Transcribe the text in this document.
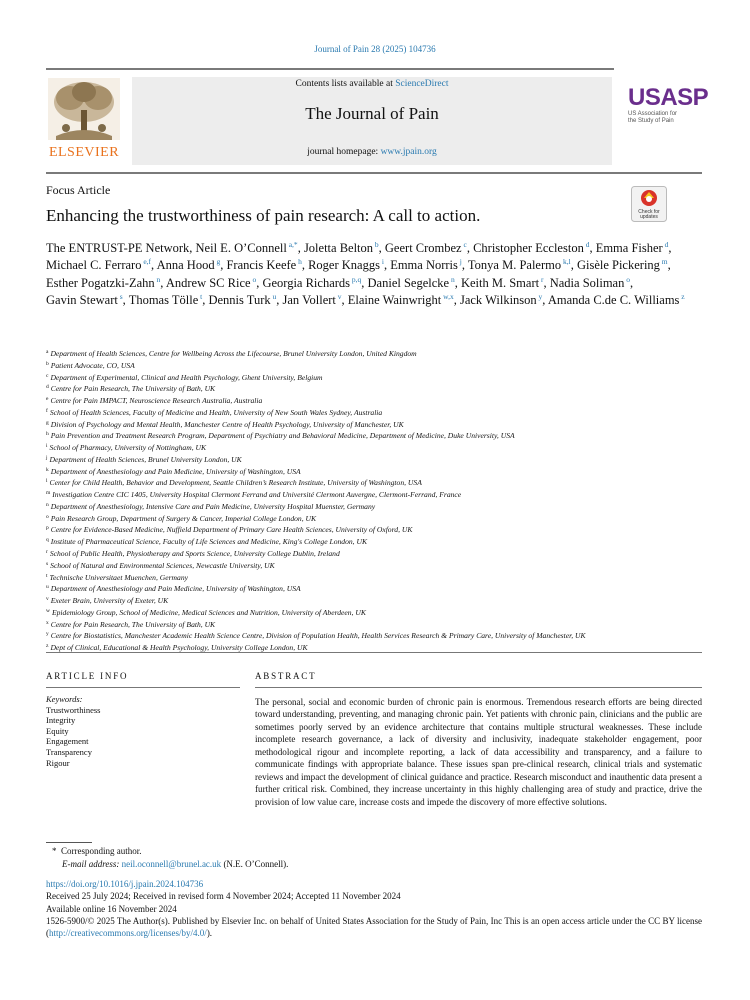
Journal of Pain 28 (2025) 104736
ELSEVIER
Contents lists available at ScienceDirect
The Journal of Pain
journal homepage: www.jpain.org
USASP
US Association for
the Study of Pain
Focus Article
Check for
updates
Enhancing the trustworthiness of pain research: A call to action.
The ENTRUST-PE Network, Neil E. O’Connell $^{a,*}$, Joletta Belton $^b$, Geert Crombez $^c$, Christopher Eccleston $^d$, Emma Fisher $^d$, Michael C. Ferraro $^{e,f}$, Anna Hood $^g$, Francis Keefe $^h$, Roger Knaggs $^i$, Emma Norris $^j$, Tonya M. Palermo $^{k,l}$, Gisèle Pickering $^m$, Esther Pogatzki-Zahn $^n$, Andrew SC Rice $^o$, Georgia Richards $^{p,q}$, Daniel Segelcke $^n$, Keith M. Smart $^r$, Nadia Soliman $^o$, Gavin Stewart $^s$, Thomas Tölle $^t$, Dennis Turk $^u$, Jan Vollert $^v$, Elaine Wainwright $^{w,x}$, Jack Wilkinson $^y$, Amanda C.de C. Williams $^z$
$^a$ Department of Health Sciences, Centre for Wellbeing Across the Lifecourse, Brunel University London, United Kingdom
$^b$ Patient Advocate, CO, USA
$^c$ Department of Experimental, Clinical and Health Psychology, Ghent University, Belgium
$^d$ Centre for Pain Research, The University of Bath, UK
$^e$ Centre for Pain IMPACT, Neuroscience Research Australia, Australia
$^f$ School of Health Sciences, Faculty of Medicine and Health, University of New South Wales Sydney, Australia
$^g$ Division of Psychology and Mental Health, Manchester Centre of Health Psychology, University of Manchester, UK
$^h$ Pain Prevention and Treatment Research Program, Department of Psychiatry and Behavioral Medicine, Department of Medicine, Duke University, USA
$^i$ School of Pharmacy, University of Nottingham, UK
$^j$ Department of Health Sciences, Brunel University London, UK
$^k$ Department of Anesthesiology and Pain Medicine, University of Washington, USA
$^l$ Center for Child Health, Behavior and Development, Seattle Children’s Research Institute, University of Washington, USA
$^m$ Investigation Centre CIC 1405, University Hospital Clermont Ferrand and Université Clermont Auvergne, Clermont-Ferrand, France
$^n$ Department of Anesthesiology, Intensive Care and Pain Medicine, University Hospital Muenster, Germany
$^o$ Pain Research Group, Department of Surgery & Cancer, Imperial College London, UK
$^p$ Centre for Evidence-Based Medicine, Nuffield Department of Primary Care Health Sciences, University of Oxford, UK
$^q$ Institute of Pharmaceutical Science, Faculty of Life Sciences and Medicine, King's College London, UK
$^r$ School of Public Health, Physiotherapy and Sports Science, University College Dublin, Ireland
$^s$ School of Natural and Environmental Sciences, Newcastle University, UK
$^t$ Technische Universitaet Muenchen, Germany
$^u$ Department of Anesthesiology and Pain Medicine, University of Washington, USA
$^v$ Exeter Brain, University of Exeter, UK
$^w$ Epidemiology Group, School of Medicine, Medical Sciences and Nutrition, University of Aberdeen, UK
$^x$ Centre for Pain Research, The University of Bath, UK
$^y$ Centre for Biostatistics, Manchester Academic Health Science Centre, Division of Population Health, Health Services Research & Primary Care, University of Manchester, UK
$^z$ Dept of Clinical, Educational & Health Psychology, University College London, UK
ARTICLE INFO	ABSTRACT
Keywords:
Trustworthiness
Integrity
Equity
Engagement
Transparency
Rigour
The personal, social and economic burden of chronic pain is enormous. Tremendous research efforts are being directed toward understanding, preventing, and managing chronic pain. Yet patients with chronic pain, clinicians and the public are sometimes poorly served by an evidence architecture that contains multiple structural weaknesses. These include incomplete research governance, a lack of diversity and inclusivity, inadequate stakeholder engagement, poor methodological rigour and incomplete reporting, a lack of data accessibility and transparency, and a failure to communicate findings with appropriate balance. These issues span pre-clinical research, clinical trials and systematic reviews and impact the development of clinical guidance and practice. Research misconduct and inauthentic data present a further critical risk. Combined, they increase uncertainty in this highly challenging area of study and practice, drive the provision of low value care, increase costs and impede the discovery of more effective solutions.
* Corresponding author.
E-mail address: neil.oconnell@brunel.ac.uk (N.E. O’Connell).
https://doi.org/10.1016/j.jpain.2024.104736
Received 25 July 2024; Received in revised form 4 November 2024; Accepted 11 November 2024
Available online 16 November 2024
1526-5900/© 2025 The Author(s). Published by Elsevier Inc. on behalf of United States Association for the Study of Pain, Inc This is an open access article under the CC BY license (http://creativecommons.org/licenses/by/4.0/).
